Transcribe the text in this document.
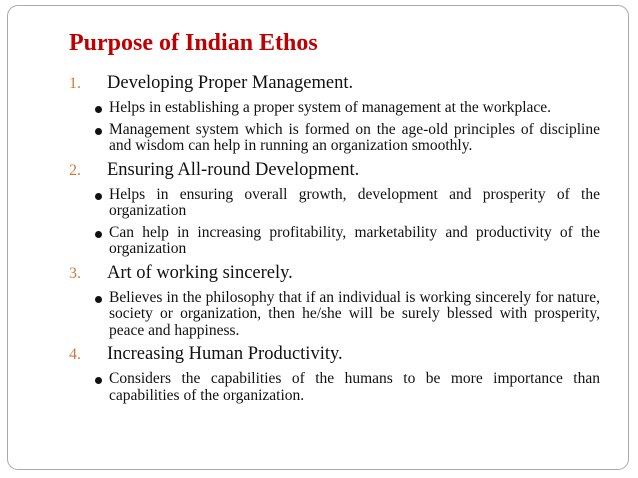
Purpose of Indian Ethos
1.	Developing Proper Management.
Helps in establishing a proper system of management at the workplace.
Management system which is formed on the age-old principles of discipline and wisdom can help in running an organization smoothly.
2.	Ensuring All-round Development.
Helps in ensuring overall growth, development and prosperity of the organization
Can help in increasing profitability, marketability and productivity of the organization
3.	Art of working sincerely.
Believes in the philosophy that if an individual is working sincerely for nature, society or organization, then he/she will be surely blessed with prosperity, peace and happiness.
4.	Increasing Human Productivity.
Considers the capabilities of the humans to be more importance than capabilities of the organization.
